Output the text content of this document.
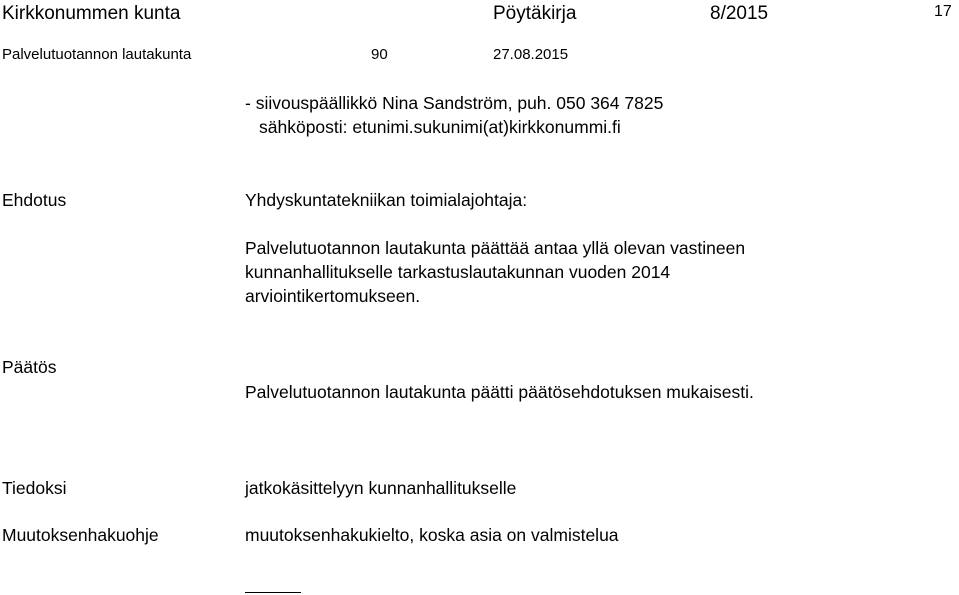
Kirkkonummen kunta	Pöytäkirja	8/2015	17
Palvelutuotannon lautakunta	90	27.08.2015
- siivouspäällikkö Nina Sandström, puh. 050 364 7825
sähköposti: etunimi.sukunimi(at)kirkkonummi.fi
Ehdotus	Yhdyskuntatekniikan toimialajohtaja:
Palvelutuotannon lautakunta päättää antaa yllä olevan vastineen
kunnanhallitukselle tarkastuslautakunnan vuoden 2014
arviointikertomukseen.
Päätös
Palvelutuotannon lautakunta päätti päätösehdotuksen mukaisesti.
Tiedoksi	jatkokäsittelyyn kunnanhallitukselle
Muutoksenhakuohje	muutoksenhakukielto, koska asia on valmistelua
